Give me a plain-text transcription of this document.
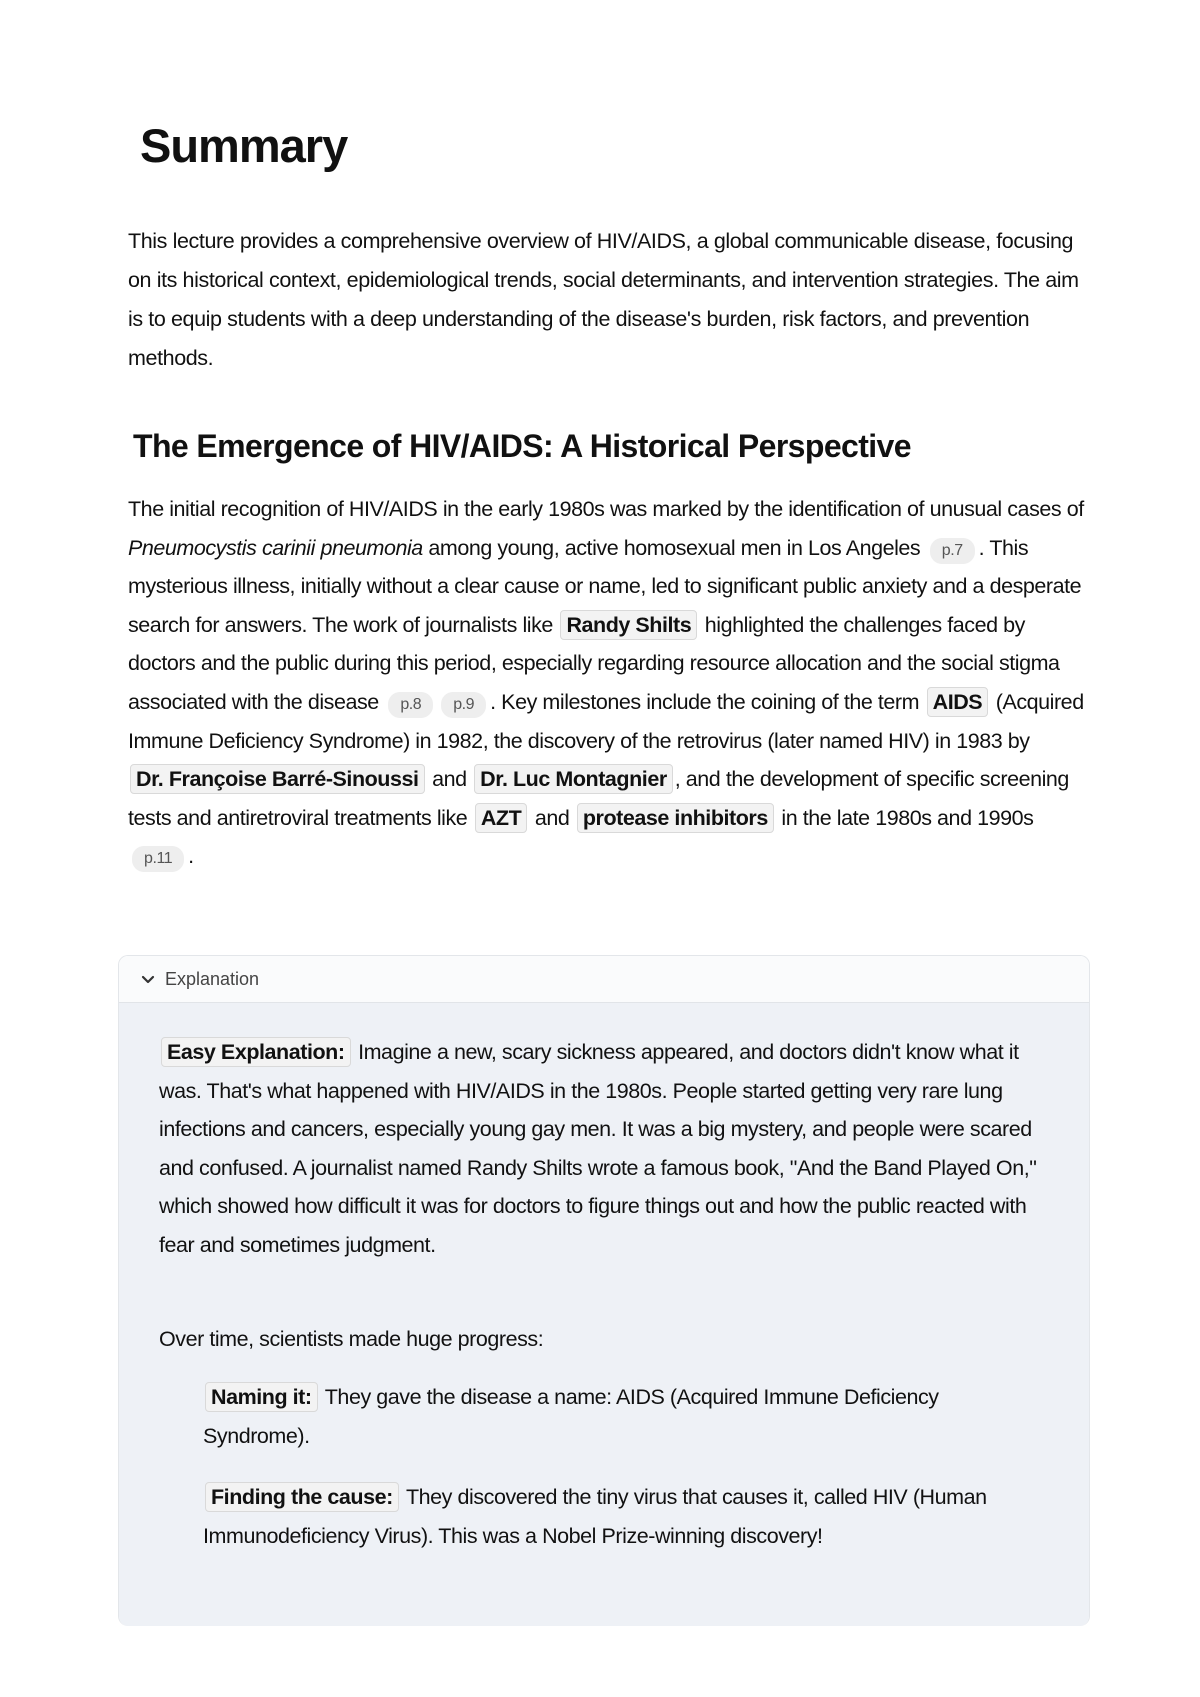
Summary

This lecture provides a comprehensive overview of HIV/AIDS, a global communicable disease, focusing on its historical context, epidemiological trends, social determinants, and intervention strategies. The aim is to equip students with a deep understanding of the disease's burden, risk factors, and prevention methods.

The Emergence of HIV/AIDS: A Historical Perspective

The initial recognition of HIV/AIDS in the early 1980s was marked by the identification of unusual cases of Pneumocystis carinii pneumonia among young, active homosexual men in Los Angeles p.7 . This mysterious illness, initially without a clear cause or name, led to significant public anxiety and a desperate search for answers. The work of journalists like Randy Shilts highlighted the challenges faced by doctors and the public during this period, especially regarding resource allocation and the social stigma associated with the disease p.8 p.9 . Key milestones include the coining of the term AIDS (Acquired Immune Deficiency Syndrome) in 1982, the discovery of the retrovirus (later named HIV) in 1983 by Dr. Françoise Barré-Sinoussi and Dr. Luc Montagnier , and the development of specific screening tests and antiretroviral treatments like AZT and protease inhibitors in the late 1980s and 1990s p.11 .

Explanation

Easy Explanation: Imagine a new, scary sickness appeared, and doctors didn't know what it was. That's what happened with HIV/AIDS in the 1980s. People started getting very rare lung infections and cancers, especially young gay men. It was a big mystery, and people were scared and confused. A journalist named Randy Shilts wrote a famous book, "And the Band Played On," which showed how difficult it was for doctors to figure things out and how the public reacted with fear and sometimes judgment.

Over time, scientists made huge progress:

Naming it: They gave the disease a name: AIDS (Acquired Immune Deficiency Syndrome).

Finding the cause: They discovered the tiny virus that causes it, called HIV (Human Immunodeficiency Virus). This was a Nobel Prize-winning discovery!
